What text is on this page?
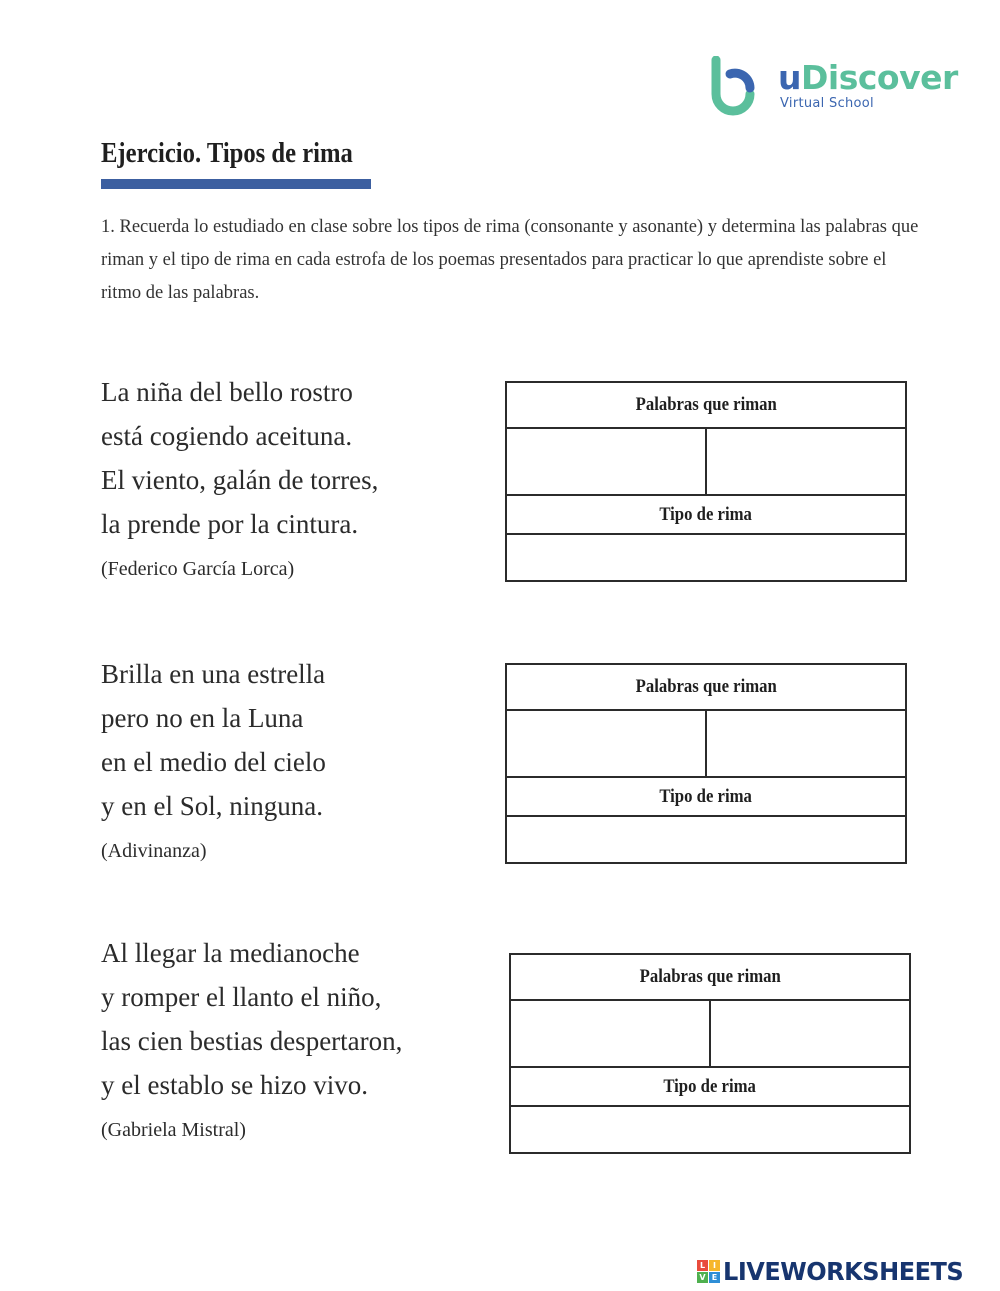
uDiscover
Virtual School
Ejercicio. Tipos de rima

1. Recuerda lo estudiado en clase sobre los tipos de rima (consonante y asonante) y determina las palabras que riman y el tipo de rima en cada estrofa de los poemas presentados para practicar lo que aprendiste sobre el ritmo de las palabras.

La niña del bello rostro
está cogiendo aceituna.
El viento, galán de torres,
la prende por la cintura.
(Federico García Lorca)
Palabras que riman
Tipo de rima
Brilla en una estrella
pero no en la Luna
en el medio del cielo
y en el Sol, ninguna.
(Adivinanza)
Palabras que riman
Tipo de rima
Al llegar la medianoche
y romper el llanto el niño,
las cien bestias despertaron,
y el establo se hizo vivo.
(Gabriela Mistral)
Palabras que riman
Tipo de rima
L I
V E LIVEWORKSHEETS
